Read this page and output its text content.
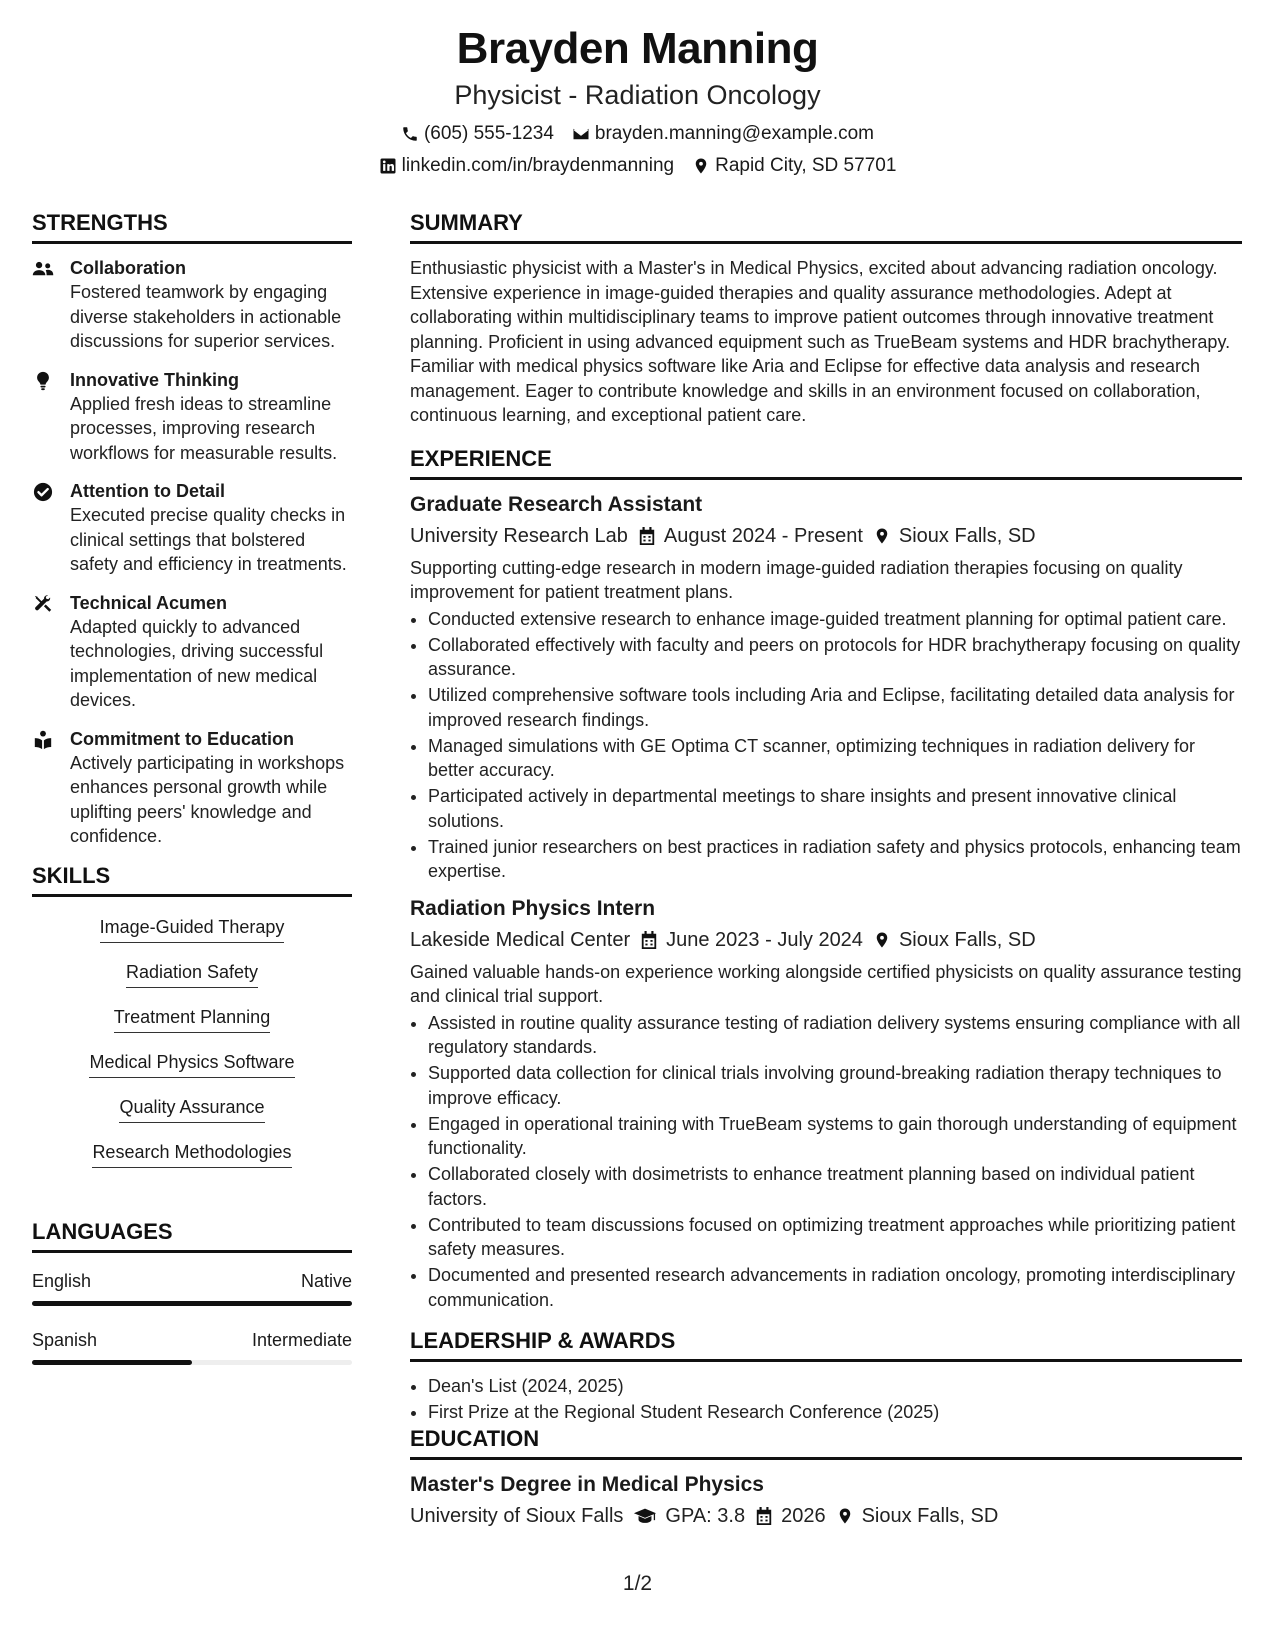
Brayden Manning
Physicist - Radiation Oncology
(605) 555-1234 brayden.manning@example.com
linkedin.com/in/braydenmanning Rapid City, SD 57701
STRENGTHS
Collaboration
Fostered teamwork by engaging diverse stakeholders in actionable discussions for superior services.
Innovative Thinking
Applied fresh ideas to streamline processes, improving research workflows for measurable results.
Attention to Detail
Executed precise quality checks in clinical settings that bolstered safety and efficiency in treatments.
Technical Acumen
Adapted quickly to advanced technologies, driving successful implementation of new medical devices.
Commitment to Education
Actively participating in workshops enhances personal growth while uplifting peers' knowledge and confidence.
SKILLS
Image-Guided Therapy
Radiation Safety
Treatment Planning
Medical Physics Software
Quality Assurance
Research Methodologies
LANGUAGES
English	Native
Spanish	Intermediate
SUMMARY
Enthusiastic physicist with a Master's in Medical Physics, excited about advancing radiation oncology. Extensive experience in image-guided therapies and quality assurance methodologies. Adept at collaborating within multidisciplinary teams to improve patient outcomes through innovative treatment planning. Proficient in using advanced equipment such as TrueBeam systems and HDR brachytherapy. Familiar with medical physics software like Aria and Eclipse for effective data analysis and research management. Eager to contribute knowledge and skills in an environment focused on collaboration, continuous learning, and exceptional patient care.
EXPERIENCE
Graduate Research Assistant
University Research Lab August 2024 - Present Sioux Falls, SD
Supporting cutting-edge research in modern image-guided radiation therapies focusing on quality improvement for patient treatment plans.
• Conducted extensive research to enhance image-guided treatment planning for optimal patient care.
• Collaborated effectively with faculty and peers on protocols for HDR brachytherapy focusing on quality assurance.
• Utilized comprehensive software tools including Aria and Eclipse, facilitating detailed data analysis for improved research findings.
• Managed simulations with GE Optima CT scanner, optimizing techniques in radiation delivery for better accuracy.
• Participated actively in departmental meetings to share insights and present innovative clinical solutions.
• Trained junior researchers on best practices in radiation safety and physics protocols, enhancing team expertise.
Radiation Physics Intern
Lakeside Medical Center June 2023 - July 2024 Sioux Falls, SD
Gained valuable hands-on experience working alongside certified physicists on quality assurance testing and clinical trial support.
• Assisted in routine quality assurance testing of radiation delivery systems ensuring compliance with all regulatory standards.
• Supported data collection for clinical trials involving ground-breaking radiation therapy techniques to improve efficacy.
• Engaged in operational training with TrueBeam systems to gain thorough understanding of equipment functionality.
• Collaborated closely with dosimetrists to enhance treatment planning based on individual patient factors.
• Contributed to team discussions focused on optimizing treatment approaches while prioritizing patient safety measures.
• Documented and presented research advancements in radiation oncology, promoting interdisciplinary communication.
LEADERSHIP & AWARDS
• Dean's List (2024, 2025)
• First Prize at the Regional Student Research Conference (2025)
EDUCATION
Master's Degree in Medical Physics
University of Sioux Falls GPA: 3.8 2026 Sioux Falls, SD
1/2
